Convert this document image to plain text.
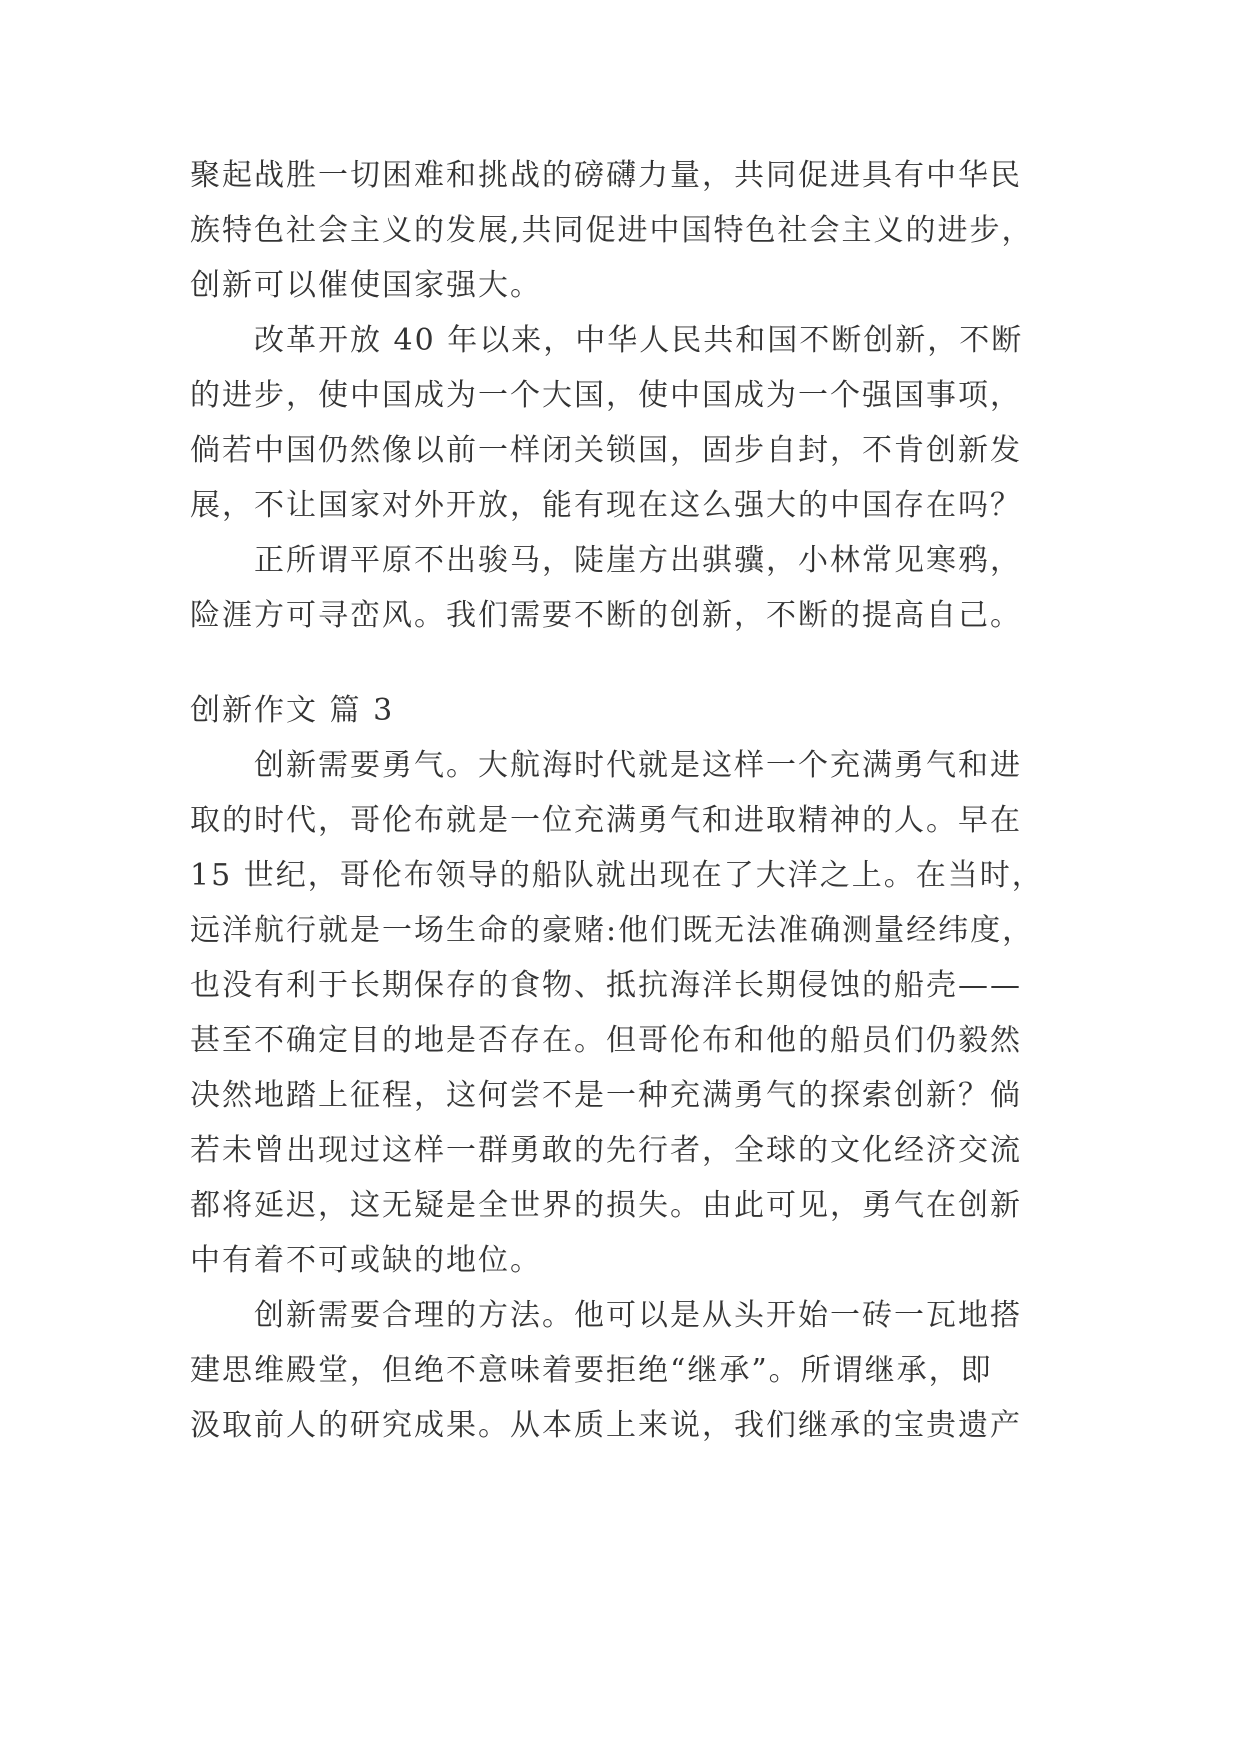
聚起战胜一切困难和挑战的磅礴力量，共同促进具有中华民
族特色社会主义的发展,共同促进中国特色社会主义的进步，
创新可以催使国家强大。
改革开放 40 年以来，中华人民共和国不断创新，不断
的进步，使中国成为一个大国，使中国成为一个强国事项，
倘若中国仍然像以前一样闭关锁国，固步自封，不肯创新发
展，不让国家对外开放，能有现在这么强大的中国存在吗？
正所谓平原不出骏马，陡崖方出骐骥，小林常见寒鸦，
险涯方可寻峦风。我们需要不断的创新，不断的提高自己。
创新作文 篇 3
创新需要勇气。大航海时代就是这样一个充满勇气和进
取的时代，哥伦布就是一位充满勇气和进取精神的人。早在
15 世纪，哥伦布领导的船队就出现在了大洋之上。在当时，
远洋航行就是一场生命的豪赌:他们既无法准确测量经纬度，
也没有利于长期保存的食物、抵抗海洋长期侵蚀的船壳——
甚至不确定目的地是否存在。但哥伦布和他的船员们仍毅然
决然地踏上征程，这何尝不是一种充满勇气的探索创新？倘
若未曾出现过这样一群勇敢的先行者，全球的文化经济交流
都将延迟，这无疑是全世界的损失。由此可见，勇气在创新
中有着不可或缺的地位。
创新需要合理的方法。他可以是从头开始一砖一瓦地搭
建思维殿堂，但绝不意味着要拒绝“继承”。所谓继承，即
汲取前人的研究成果。从本质上来说，我们继承的宝贵遗产
